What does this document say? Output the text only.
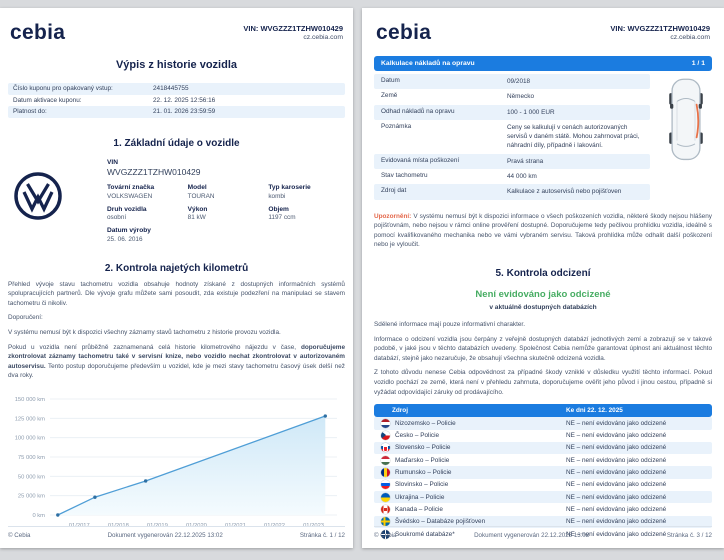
cebia	VIN: WVGZZZ1TZHW010429
cz.cebia.com
Výpis z historie vozidla
Číslo kuponu pro opakovaný vstup:	2418445755
Datum aktivace kuponu:	22. 12. 2025 12:56:16
Platnost do:	21. 01. 2026 23:59:59
1. Základní údaje o vozidle
VIN
WVGZZZ1TZHW010429
Tovární značka
VOLKSWAGEN
Model
TOURAN
Typ karoserie
kombi
Druh vozidla
osobní
Výkon
81 kW
Objem
1197 ccm
Datum výroby
25. 06. 2016
2. Kontrola najetých kilometrů
Přehled vývoje stavu tachometru vozidla obsahuje hodnoty získané z dostupných informačních systémů spolupracujících partnerů. Dle vývoje grafu můžete sami posoudit, zda existuje podezření na manipulaci se stavem tachometru či nikoliv.
Doporučení:
V systému nemusí být k dispozici všechny záznamy stavů tachometru z historie provozu vozidla.
Pokud u vozidla není průběžně zaznamenaná celá historie kilometrového nájezdu v čase, doporučujeme zkontrolovat záznamy tachometru také v servisní knize, nebo vozidlo nechat zkontrolovat v autorizovaném autoservisu. Tento postup doporučujeme především u vozidel, kde je mezi stavy tachometru časový úsek delší než dva roky.
0 km
25 000 km
50 000 km
75 000 km
100 000 km
125 000 km
150 000 km
01/2017	01/2018	01/2019	01/2020	01/2021	01/2022	01/2023
© Cebia	Dokument vygenerován 22.12.2025 13:02	Stránka č. 1 / 12
cebia	VIN: WVGZZZ1TZHW010429
cz.cebia.com
Kalkulace nákladů na opravu	1 / 1
Datum	09/2018
Země	Německo
Odhad nákladů na opravu	100 - 1 000 EUR
Poznámka	Ceny se kalkulují v cenách autorizovaných servisů v daném státě. Mohou zahrnovat práci, náhradní díly, případně i lakování.
Evidovaná místa poškození	Pravá strana
Stav tachometru	44 000 km
Zdroj dat	Kalkulace z autoservisů nebo pojišťoven
Upozornění: V systému nemusí být k dispozici informace o všech poškozeních vozidla, některé škody nejsou hlášeny pojišťovnám, nebo nejsou v rámci online prověření dostupné. Doporučujeme tedy pečlivou prohlídku vozidla, ideálně s pomocí kvalifikovaného mechanika nebo ve vámi vybraném servisu. Taková prohlídka může odhalit další poškození nebo je vyloučit.
5. Kontrola odcizení
Není evidováno jako odcizené
v aktuálně dostupných databázích
Sdělené informace mají pouze informativní charakter.
Informace o odcizení vozidla jsou čerpány z veřejně dostupných databází jednotlivých zemí a zobrazují se v takové podobě, v jaké jsou v těchto databázích uvedeny. Společnost Cebia nemůže garantovat úplnost ani aktuálnost těchto databází, stejně jako nezaručuje, že obsahují všechna skutečně odcizená vozidla.
Z tohoto důvodu nenese Cebia odpovědnost za případné škody vzniklé v důsledku využití těchto informací. Pokud vozidlo pochází ze země, která není v přehledu zahrnuta, doporučujeme ověřit jeho původ i jinou cestou, případně si vyžádat odpovídající záruky od prodávajícího.
Zdroj	Ke dni 22. 12. 2025
Nizozemsko – Policie	NE – není evidováno jako odcizené
Česko – Policie	NE – není evidováno jako odcizené
Slovensko – Policie	NE – není evidováno jako odcizené
Maďarsko – Policie	NE – není evidováno jako odcizené
Rumunsko – Policie	NE – není evidováno jako odcizené
Slovinsko – Policie	NE – není evidováno jako odcizené
Ukrajina – Policie	NE – není evidováno jako odcizené
Kanada – Policie	NE – není evidováno jako odcizené
Švédsko – Databáze pojišťoven	NE – není evidováno jako odcizené
Soukromé databáze*	NE – není evidováno jako odcizené
© Cebia	Dokument vygenerován 22.12.2025 13:02	Stránka č. 3 / 12
